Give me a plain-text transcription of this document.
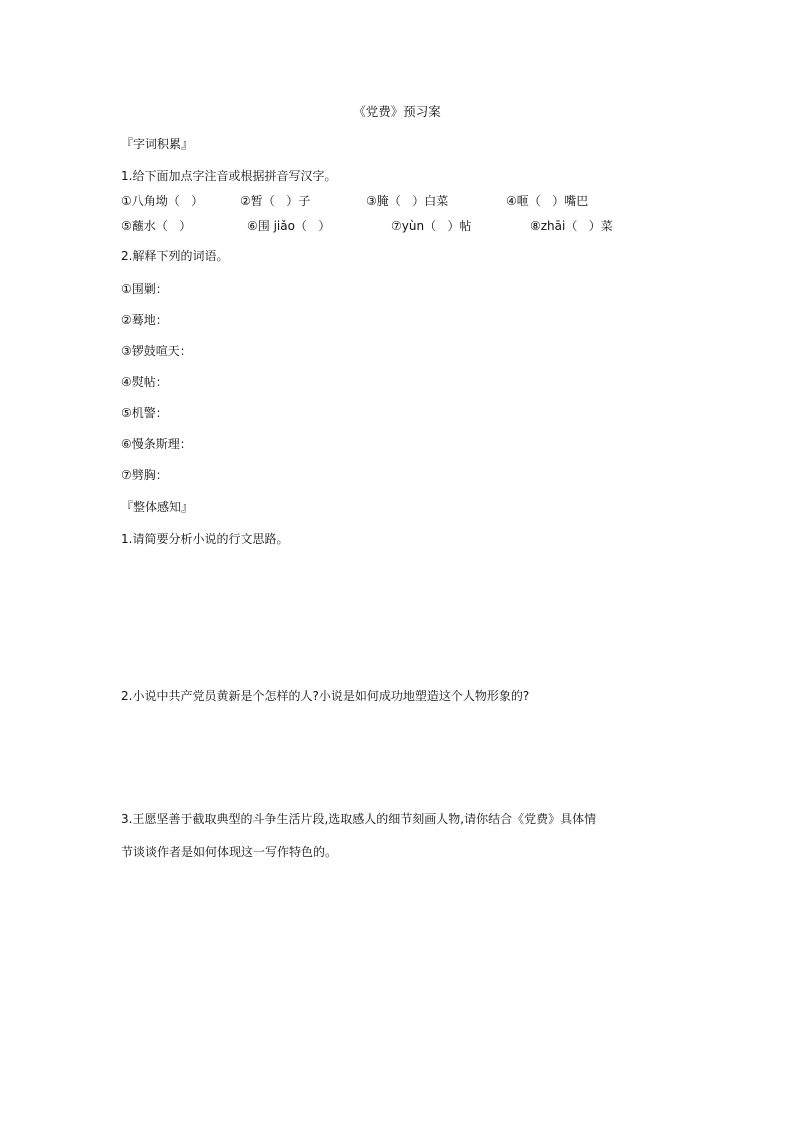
《党费》预习案
『字词积累』
1.给下面加点字注音或根据拼音写汉字。
①八角坳（   ）	②暂（   ）子	③腌（   ）白菜	④咂（   ）嘴巴
⑤蘸水（   ）	⑥围 jiǎo（   ）	⑦yùn（   ）帖	⑧zhāi（   ）菜
2.解释下列的词语。
①围剿：
②蓦地：
③锣鼓喧天：
④熨帖：
⑤机警：
⑥慢条斯理：
⑦劈胸：
『整体感知』
1.请简要分析小说的行文思路。
2.小说中共产党员黄新是个怎样的人?小说是如何成功地塑造这个人物形象的?
3.王愿坚善于截取典型的斗争生活片段,选取感人的细节刻画人物,请你结合《党费》具体情
节谈谈作者是如何体现这一写作特色的。
